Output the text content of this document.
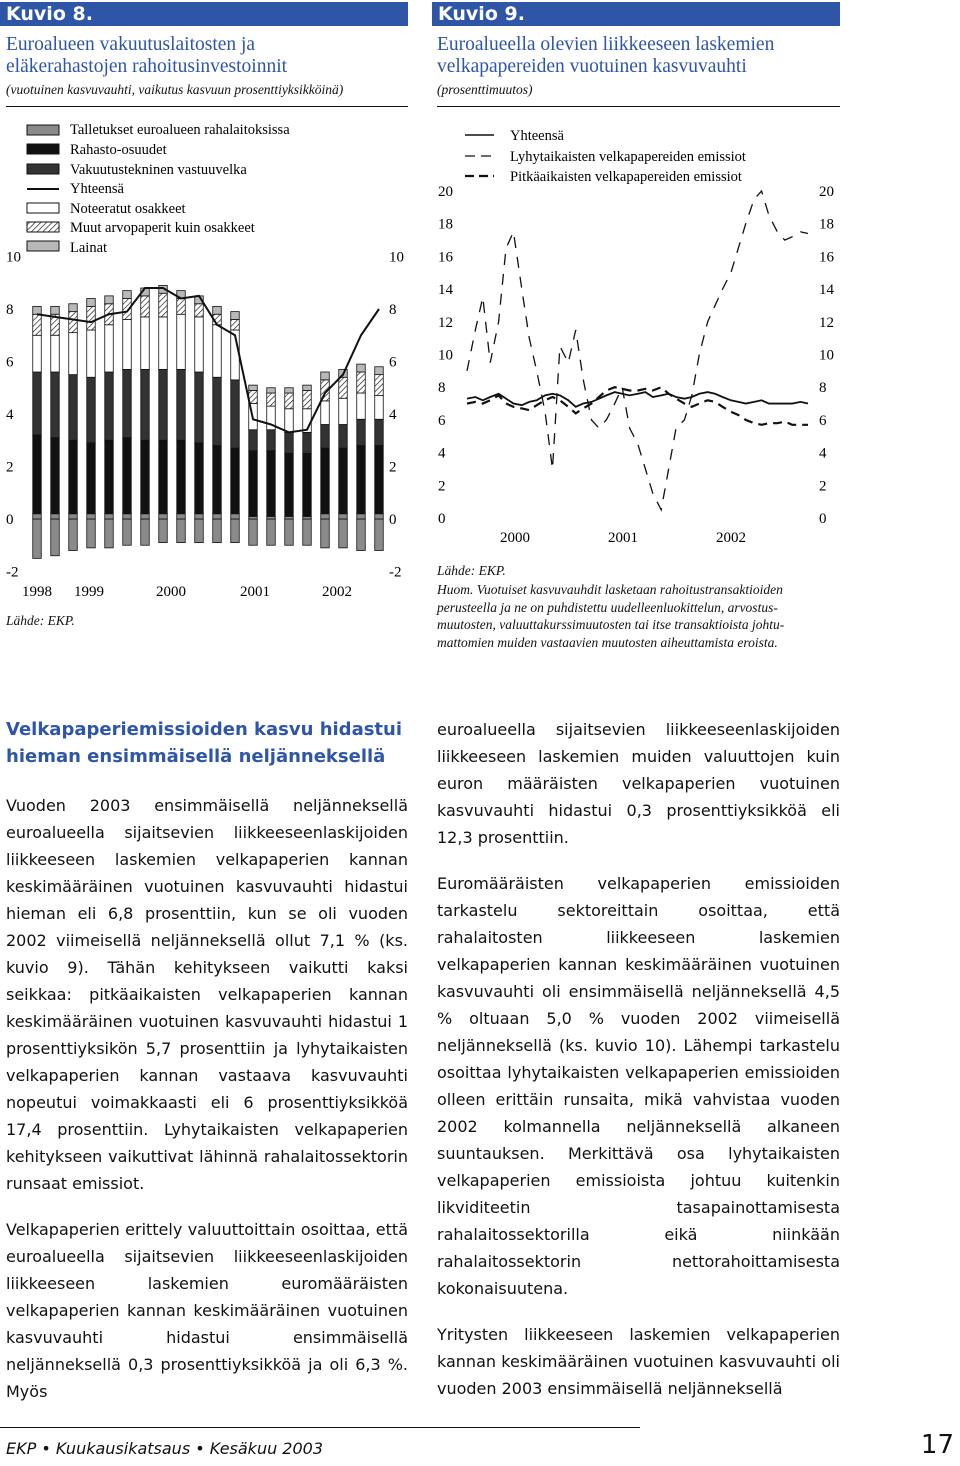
Kuvio 8.
Euroalueen vakuutuslaitosten ja
eläkerahastojen rahoitusinvestoinnit
(vuotuinen kasvuvauhti, vaikutus kasvuun prosenttiyksikköinä)
Talletukset euroalueen rahalaitoksissa
Rahasto-osuudet
Vakuutustekninen vastuuvelka
Yhteensä
Noteeratut osakkeet
Muut arvopaperit kuin osakkeet
Lainat
-2	-2
0	0
2	2
4	4
6	6
8	8
10	10
1998 1999	2000	2001	2002
Lähde: EKP.
Kuvio 9.
Euroalueella olevien liikkeeseen laskemien
velkapapereiden vuotuinen kasvuvauhti
(prosenttimuutos)
Yhteensä
Lyhytaikaisten velkapapereiden emissiot
Pitkäaikaisten velkapapereiden emissiot
0	0
2	2
4	4
6	6
8	8
10	10
12	12
14	14
16	16
18	18
20	20
2000	2001	2002
Lähde: EKP.
Huom. Vuotuiset kasvuvauhdit lasketaan rahoitustransaktioiden
perusteella ja ne on puhdistettu uudelleenluokittelun, arvostus-
muutosten, valuuttakurssimuutosten tai itse transaktioista johtu-
mattomien muiden vastaavien muutosten aiheuttamista eroista.
Velkapaperiemissioiden kasvu hidastui
hieman ensimmäisellä neljänneksellä

Vuoden 2003 ensimmäisellä neljänneksellä euroalueella sijaitsevien liikkeeseenlaskijoiden liikkeeseen laskemien velkapaperien kannan keskimääräinen vuotuinen kasvuvauhti hidastui hieman eli 6,8 prosenttiin, kun se oli vuoden 2002 viimeisellä neljänneksellä ollut 7,1 % (ks. kuvio 9). Tähän kehitykseen vaikutti kaksi seikkaa: pitkäaikaisten velkapaperien kannan keskimääräinen vuotuinen kasvuvauhti hidastui 1 prosenttiyksikön 5,7 prosenttiin ja lyhytaikaisten velkapaperien kannan vastaava kasvuvauhti nopeutui voimakkaasti eli 6 prosenttiyksikköä 17,4 prosenttiin. Lyhytaikaisten velkapaperien kehitykseen vaikuttivat lähinnä rahalaitossektorin runsaat emissiot.

Velkapaperien erittely valuuttoittain osoittaa, että euroalueella sijaitsevien liikkeeseenlaskijoiden liikkeeseen laskemien euromääräisten velkapaperien kannan keskimääräinen vuotuinen kasvuvauhti hidastui ensimmäisellä neljänneksellä 0,3 prosenttiyksikköä ja oli 6,3 %. Myös

euroalueella sijaitsevien liikkeeseenlaskijoiden liikkeeseen laskemien muiden valuuttojen kuin euron määräisten velkapaperien vuotuinen kasvuvauhti hidastui 0,3 prosenttiyksikköä eli 12,3 prosenttiin.

Euromääräisten velkapaperien emissioiden tarkastelu sektoreittain osoittaa, että rahalaitosten liikkeeseen laskemien velkapaperien kannan keskimääräinen vuotuinen kasvuvauhti oli ensimmäisellä neljänneksellä 4,5 % oltuaan 5,0 % vuoden 2002 viimeisellä neljänneksellä (ks. kuvio 10). Lähempi tarkastelu osoittaa lyhytaikaisten velkapaperien emissioiden olleen erittäin runsaita, mikä vahvistaa vuoden 2002 kolmannella neljänneksellä alkaneen suuntauksen. Merkittävä osa lyhytaikaisten velkapaperien emissioista johtuu kuitenkin likviditeetin tasapainottamisesta rahalaitossektorilla eikä niinkään rahalaitossektorin nettorahoittamisesta kokonaisuutena.

Yritysten liikkeeseen laskemien velkapaperien kannan keskimääräinen vuotuinen kasvuvauhti oli vuoden 2003 ensimmäisellä neljänneksellä

EKP • Kuukausikatsaus • Kesäkuu 2003	17
